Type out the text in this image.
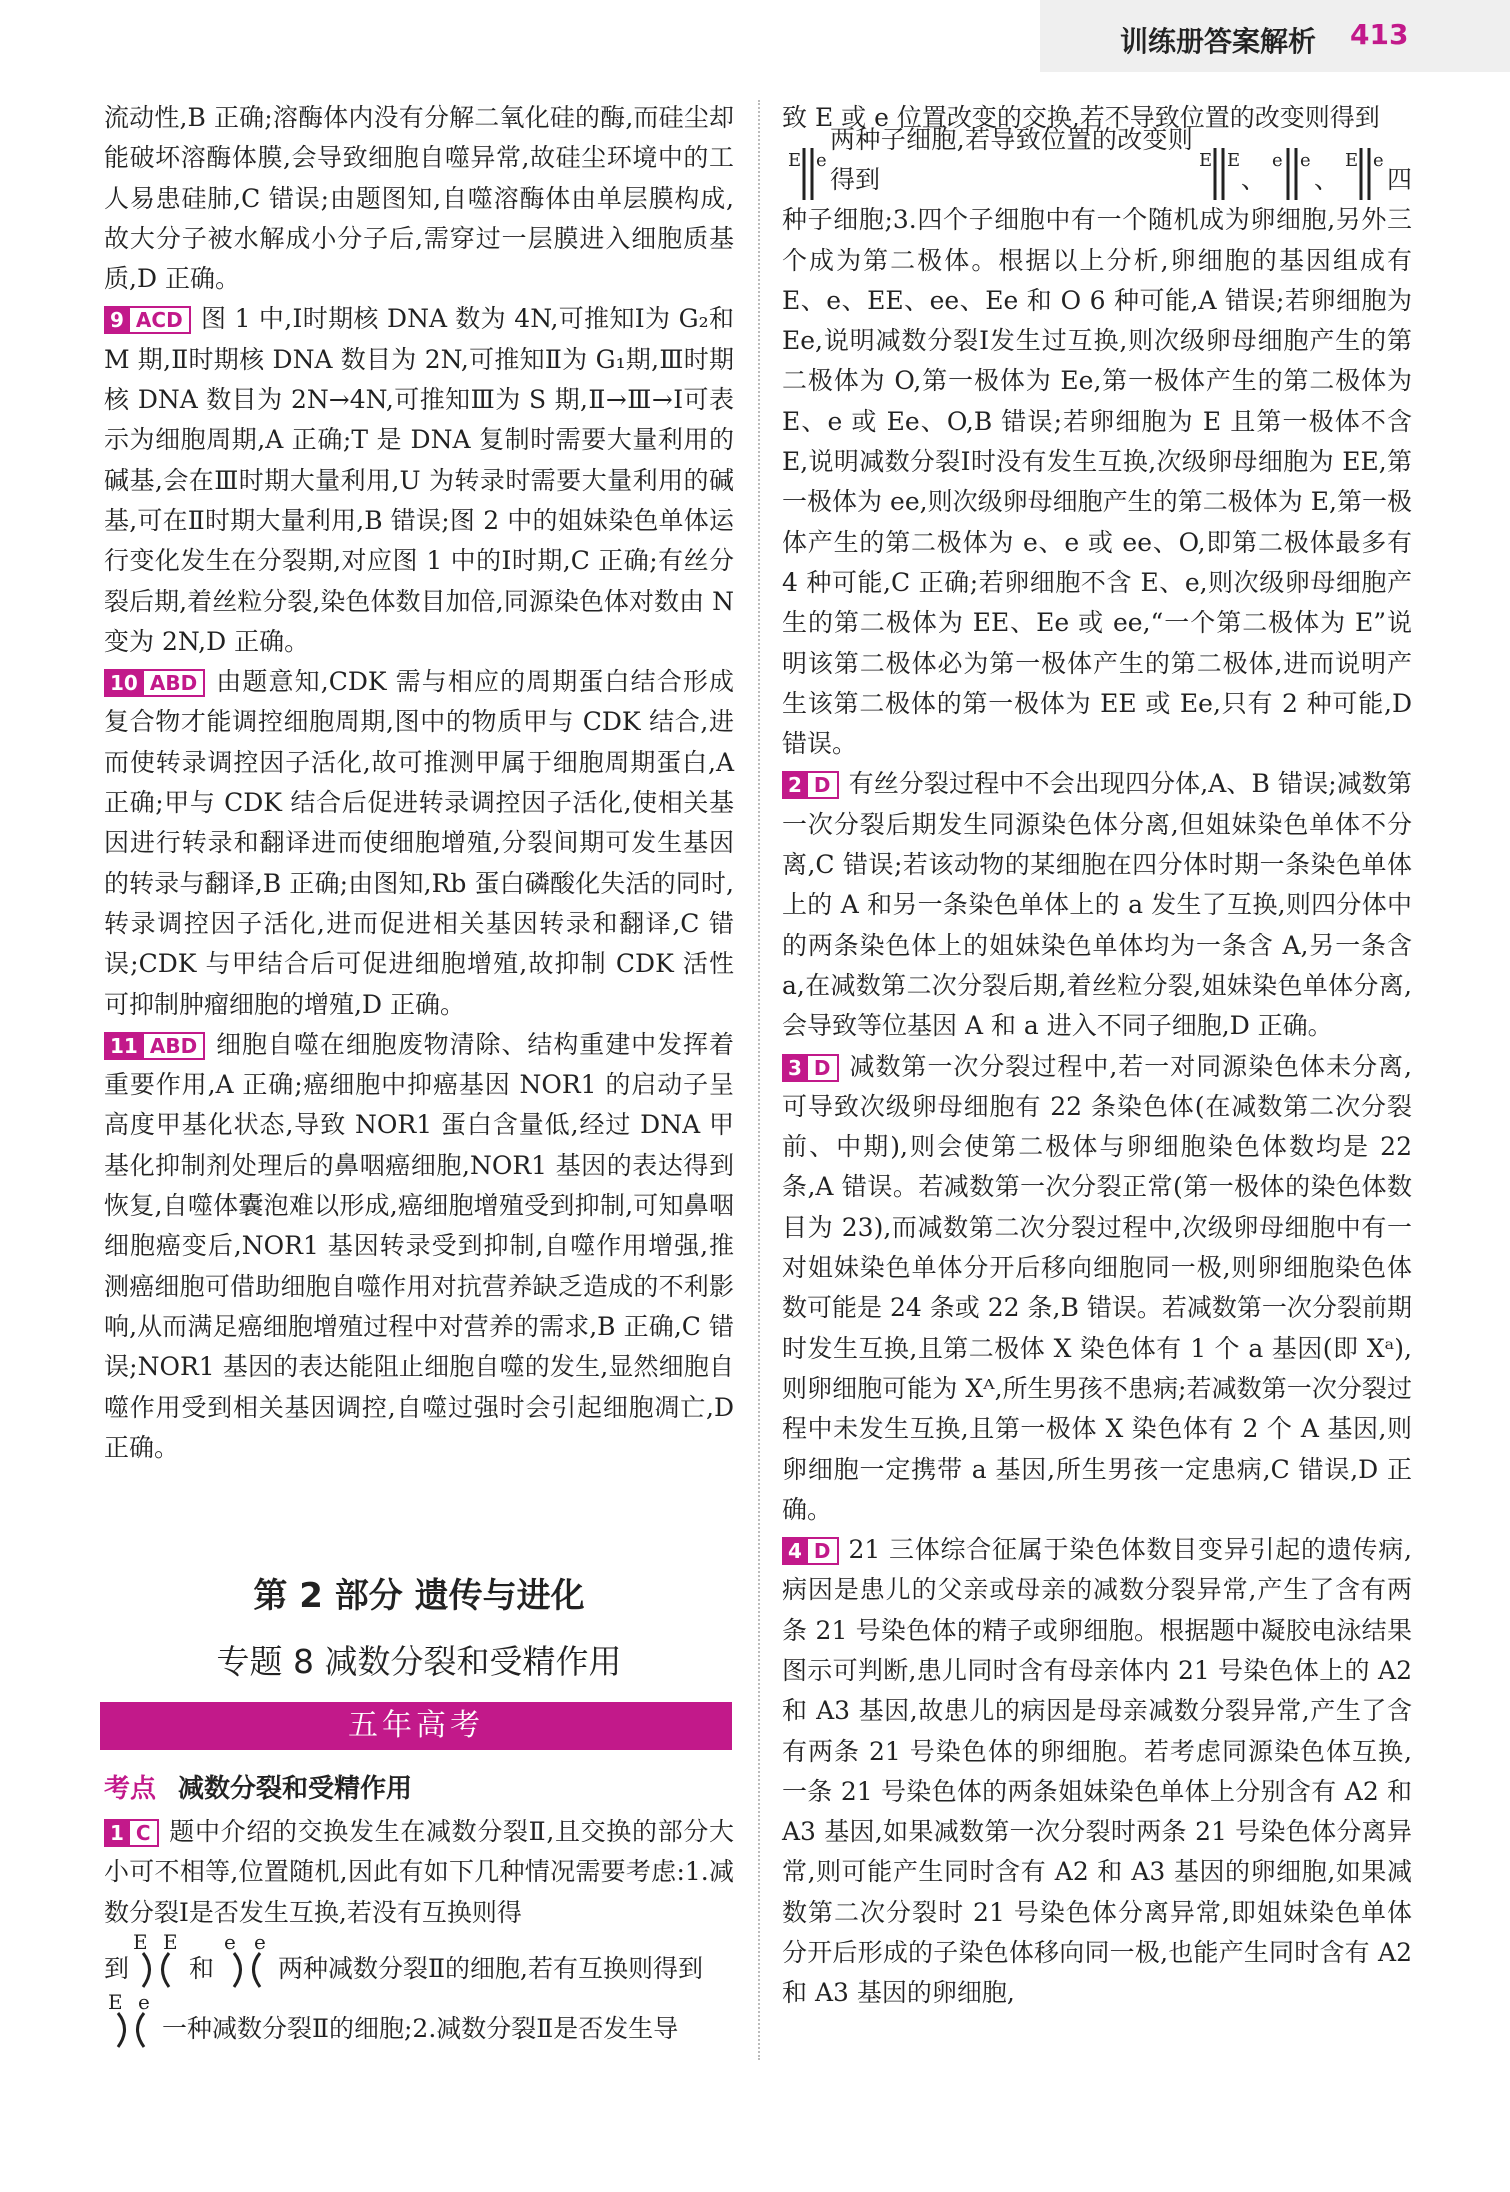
训练册答案解析 413

流动性,B 正确;溶酶体内没有分解二氧化硅的酶,而硅尘却能破坏溶酶体膜,会导致细胞自噬异常,故硅尘环境中的工人易患硅肺,C 错误;由题图知,自噬溶酶体由单层膜构成,故大分子被水解成小分子后,需穿过一层膜进入细胞质基质,D 正确。

9 ACD 图 1 中,Ⅰ时期核 DNA 数为 4N,可推知Ⅰ为 G₂和 M 期,Ⅱ时期核 DNA 数目为 2N,可推知Ⅱ为 G₁期,Ⅲ时期核 DNA 数目为 2N→4N,可推知Ⅲ为 S 期,Ⅱ→Ⅲ→Ⅰ可表示为细胞周期,A 正确;T 是 DNA 复制时需要大量利用的碱基,会在Ⅲ时期大量利用,U 为转录时需要大量利用的碱基,可在Ⅱ时期大量利用,B 错误;图 2 中的姐妹染色单体运行变化发生在分裂期,对应图 1 中的Ⅰ时期,C 正确;有丝分裂后期,着丝粒分裂,染色体数目加倍,同源染色体对数由 N 变为 2N,D 正确。

10 ABD 由题意知,CDK 需与相应的周期蛋白结合形成复合物才能调控细胞周期,图中的物质甲与 CDK 结合,进而使转录调控因子活化,故可推测甲属于细胞周期蛋白,A 正确;甲与 CDK 结合后促进转录调控因子活化,使相关基因进行转录和翻译进而使细胞增殖,分裂间期可发生基因的转录与翻译,B 正确;由图知,Rb 蛋白磷酸化失活的同时,转录调控因子活化,进而促进相关基因转录和翻译,C 错误;CDK 与甲结合后可促进细胞增殖,故抑制 CDK 活性可抑制肿瘤细胞的增殖,D 正确。

11 ABD 细胞自噬在细胞废物清除、结构重建中发挥着重要作用,A 正确;癌细胞中抑癌基因 NOR1 的启动子呈高度甲基化状态,导致 NOR1 蛋白含量低,经过 DNA 甲基化抑制剂处理后的鼻咽癌细胞,NOR1 基因的表达得到恢复,自噬体囊泡难以形成,癌细胞增殖受到抑制,可知鼻咽细胞癌变后,NOR1 基因转录受到抑制,自噬作用增强,推测癌细胞可借助细胞自噬作用对抗营养缺乏造成的不利影响,从而满足癌细胞增殖过程中对营养的需求,B 正确,C 错误;NOR1 基因的表达能阻止细胞自噬的发生,显然细胞自噬作用受到相关基因调控,自噬过强时会引起细胞凋亡,D 正确。

第 2 部分 遗传与进化
专题 8 减数分裂和受精作用
五年高考
考点 减数分裂和受精作用

1 C 题中介绍的交换发生在减数分裂Ⅱ,且交换的部分大小可不相等,位置随机,因此有如下几种情况需要考虑:1.减数分裂Ⅰ是否发生互换,若没有互换则得

到
E E
和
e e
两种减数分裂Ⅱ的细胞,若有互换则得到
E e
一种减数分裂Ⅱ的细胞;2.减数分裂Ⅱ是否发生导

致 E 或 e 位置改变的交换,若不导致位置的改变则得到

E e
两种子细胞,若导致位置的改变则得到
E E
、
e e
、
E e
四

种子细胞;3.四个子细胞中有一个随机成为卵细胞,另外三个成为第二极体。根据以上分析,卵细胞的基因组成有 E、e、EE、ee、Ee 和 O 6 种可能,A 错误;若卵细胞为 Ee,说明减数分裂Ⅰ发生过互换,则次级卵母细胞产生的第二极体为 O,第一极体为 Ee,第一极体产生的第二极体为 E、e 或 Ee、O,B 错误;若卵细胞为 E 且第一极体不含 E,说明减数分裂Ⅰ时没有发生互换,次级卵母细胞为 EE,第一极体为 ee,则次级卵母细胞产生的第二极体为 E,第一极体产生的第二极体为 e、e 或 ee、O,即第二极体最多有 4 种可能,C 正确;若卵细胞不含 E、e,则次级卵母细胞产生的第二极体为 EE、Ee 或 ee,“一个第二极体为 E”说明该第二极体必为第一极体产生的第二极体,进而说明产生该第二极体的第一极体为 EE 或 Ee,只有 2 种可能,D 错误。

2 D 有丝分裂过程中不会出现四分体,A、B 错误;减数第一次分裂后期发生同源染色体分离,但姐妹染色单体不分离,C 错误;若该动物的某细胞在四分体时期一条染色单体上的 A 和另一条染色单体上的 a 发生了互换,则四分体中的两条染色体上的姐妹染色单体均为一条含 A,另一条含 a,在减数第二次分裂后期,着丝粒分裂,姐妹染色单体分离,会导致等位基因 A 和 a 进入不同子细胞,D 正确。

3 D 减数第一次分裂过程中,若一对同源染色体未分离,可导致次级卵母细胞有 22 条染色体(在减数第二次分裂前、中期),则会使第二极体与卵细胞染色体数均是 22 条,A 错误。若减数第一次分裂正常(第一极体的染色体数目为 23),而减数第二次分裂过程中,次级卵母细胞中有一对姐妹染色单体分开后移向细胞同一极,则卵细胞染色体数可能是 24 条或 22 条,B 错误。若减数第一次分裂前期时发生互换,且第二极体 X 染色体有 1 个 a 基因(即 Xᵃ),则卵细胞可能为 Xᴬ,所生男孩不患病;若减数第一次分裂过程中未发生互换,且第一极体 X 染色体有 2 个 A 基因,则卵细胞一定携带 a 基因,所生男孩一定患病,C 错误,D 正确。

4 D 21 三体综合征属于染色体数目变异引起的遗传病,病因是患儿的父亲或母亲的减数分裂异常,产生了含有两条 21 号染色体的精子或卵细胞。根据题中凝胶电泳结果图示可判断,患儿同时含有母亲体内 21 号染色体上的 A2 和 A3 基因,故患儿的病因是母亲减数分裂异常,产生了含有两条 21 号染色体的卵细胞。若考虑同源染色体互换,一条 21 号染色体的两条姐妹染色单体上分别含有 A2 和 A3 基因,如果减数第一次分裂时两条 21 号染色体分离异常,则可能产生同时含有 A2 和 A3 基因的卵细胞,如果减数第二次分裂时 21 号染色体分离异常,即姐妹染色单体分开后形成的子染色体移向同一极,也能产生同时含有 A2 和 A3 基因的卵细胞,
